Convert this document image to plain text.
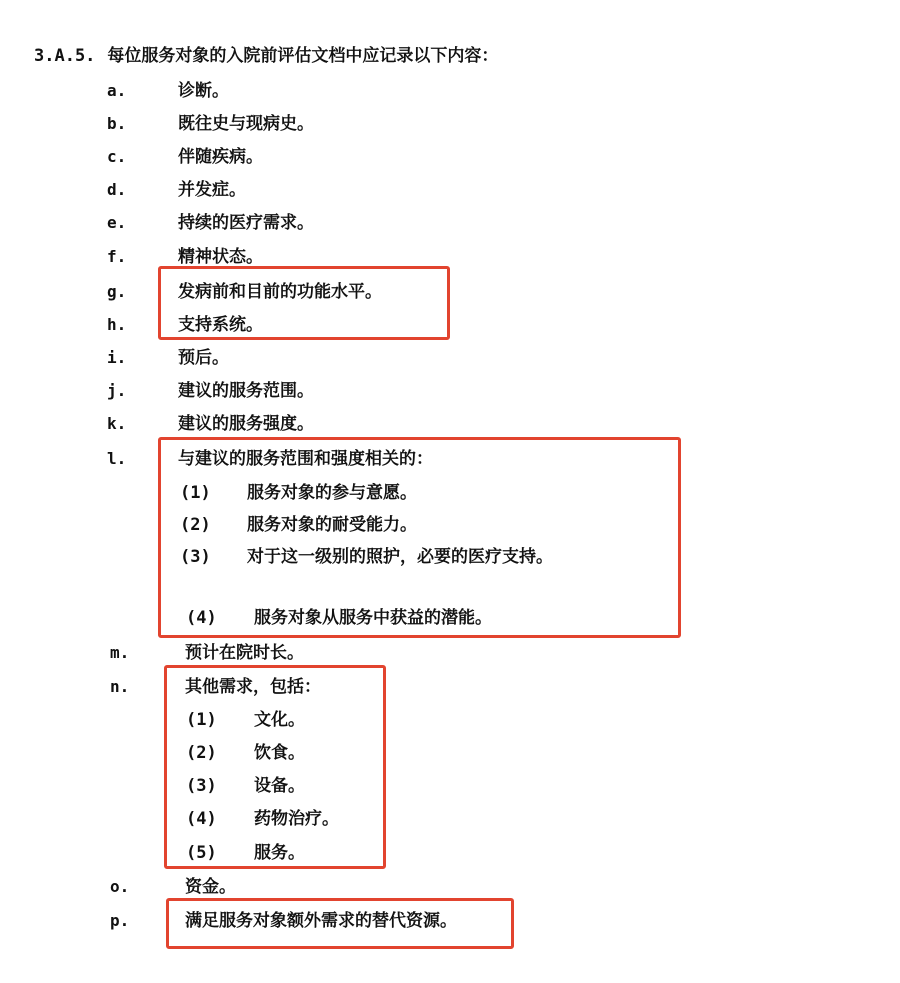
3.A.5. 每位服务对象的入院前评估文档中应记录以下内容：
a.	诊断。
b.	既往史与现病史。
c.	伴随疾病。
d.	并发症。
e.	持续的医疗需求。
f.	精神状态。
g.	发病前和目前的功能水平。
h.	支持系统。
i.	预后。
j.	建议的服务范围。
k.	建议的服务强度。
l.	与建议的服务范围和强度相关的：
(1) 服务对象的参与意愿。
(2) 服务对象的耐受能力。
(3) 对于这一级别的照护，必要的医疗支持。
(4) 服务对象从服务中获益的潜能。
m.	预计在院时长。
n.	其他需求，包括：
(1) 文化。
(2) 饮食。
(3) 设备。
(4) 药物治疗。
(5) 服务。
o.	资金。
p.	满足服务对象额外需求的替代资源。
